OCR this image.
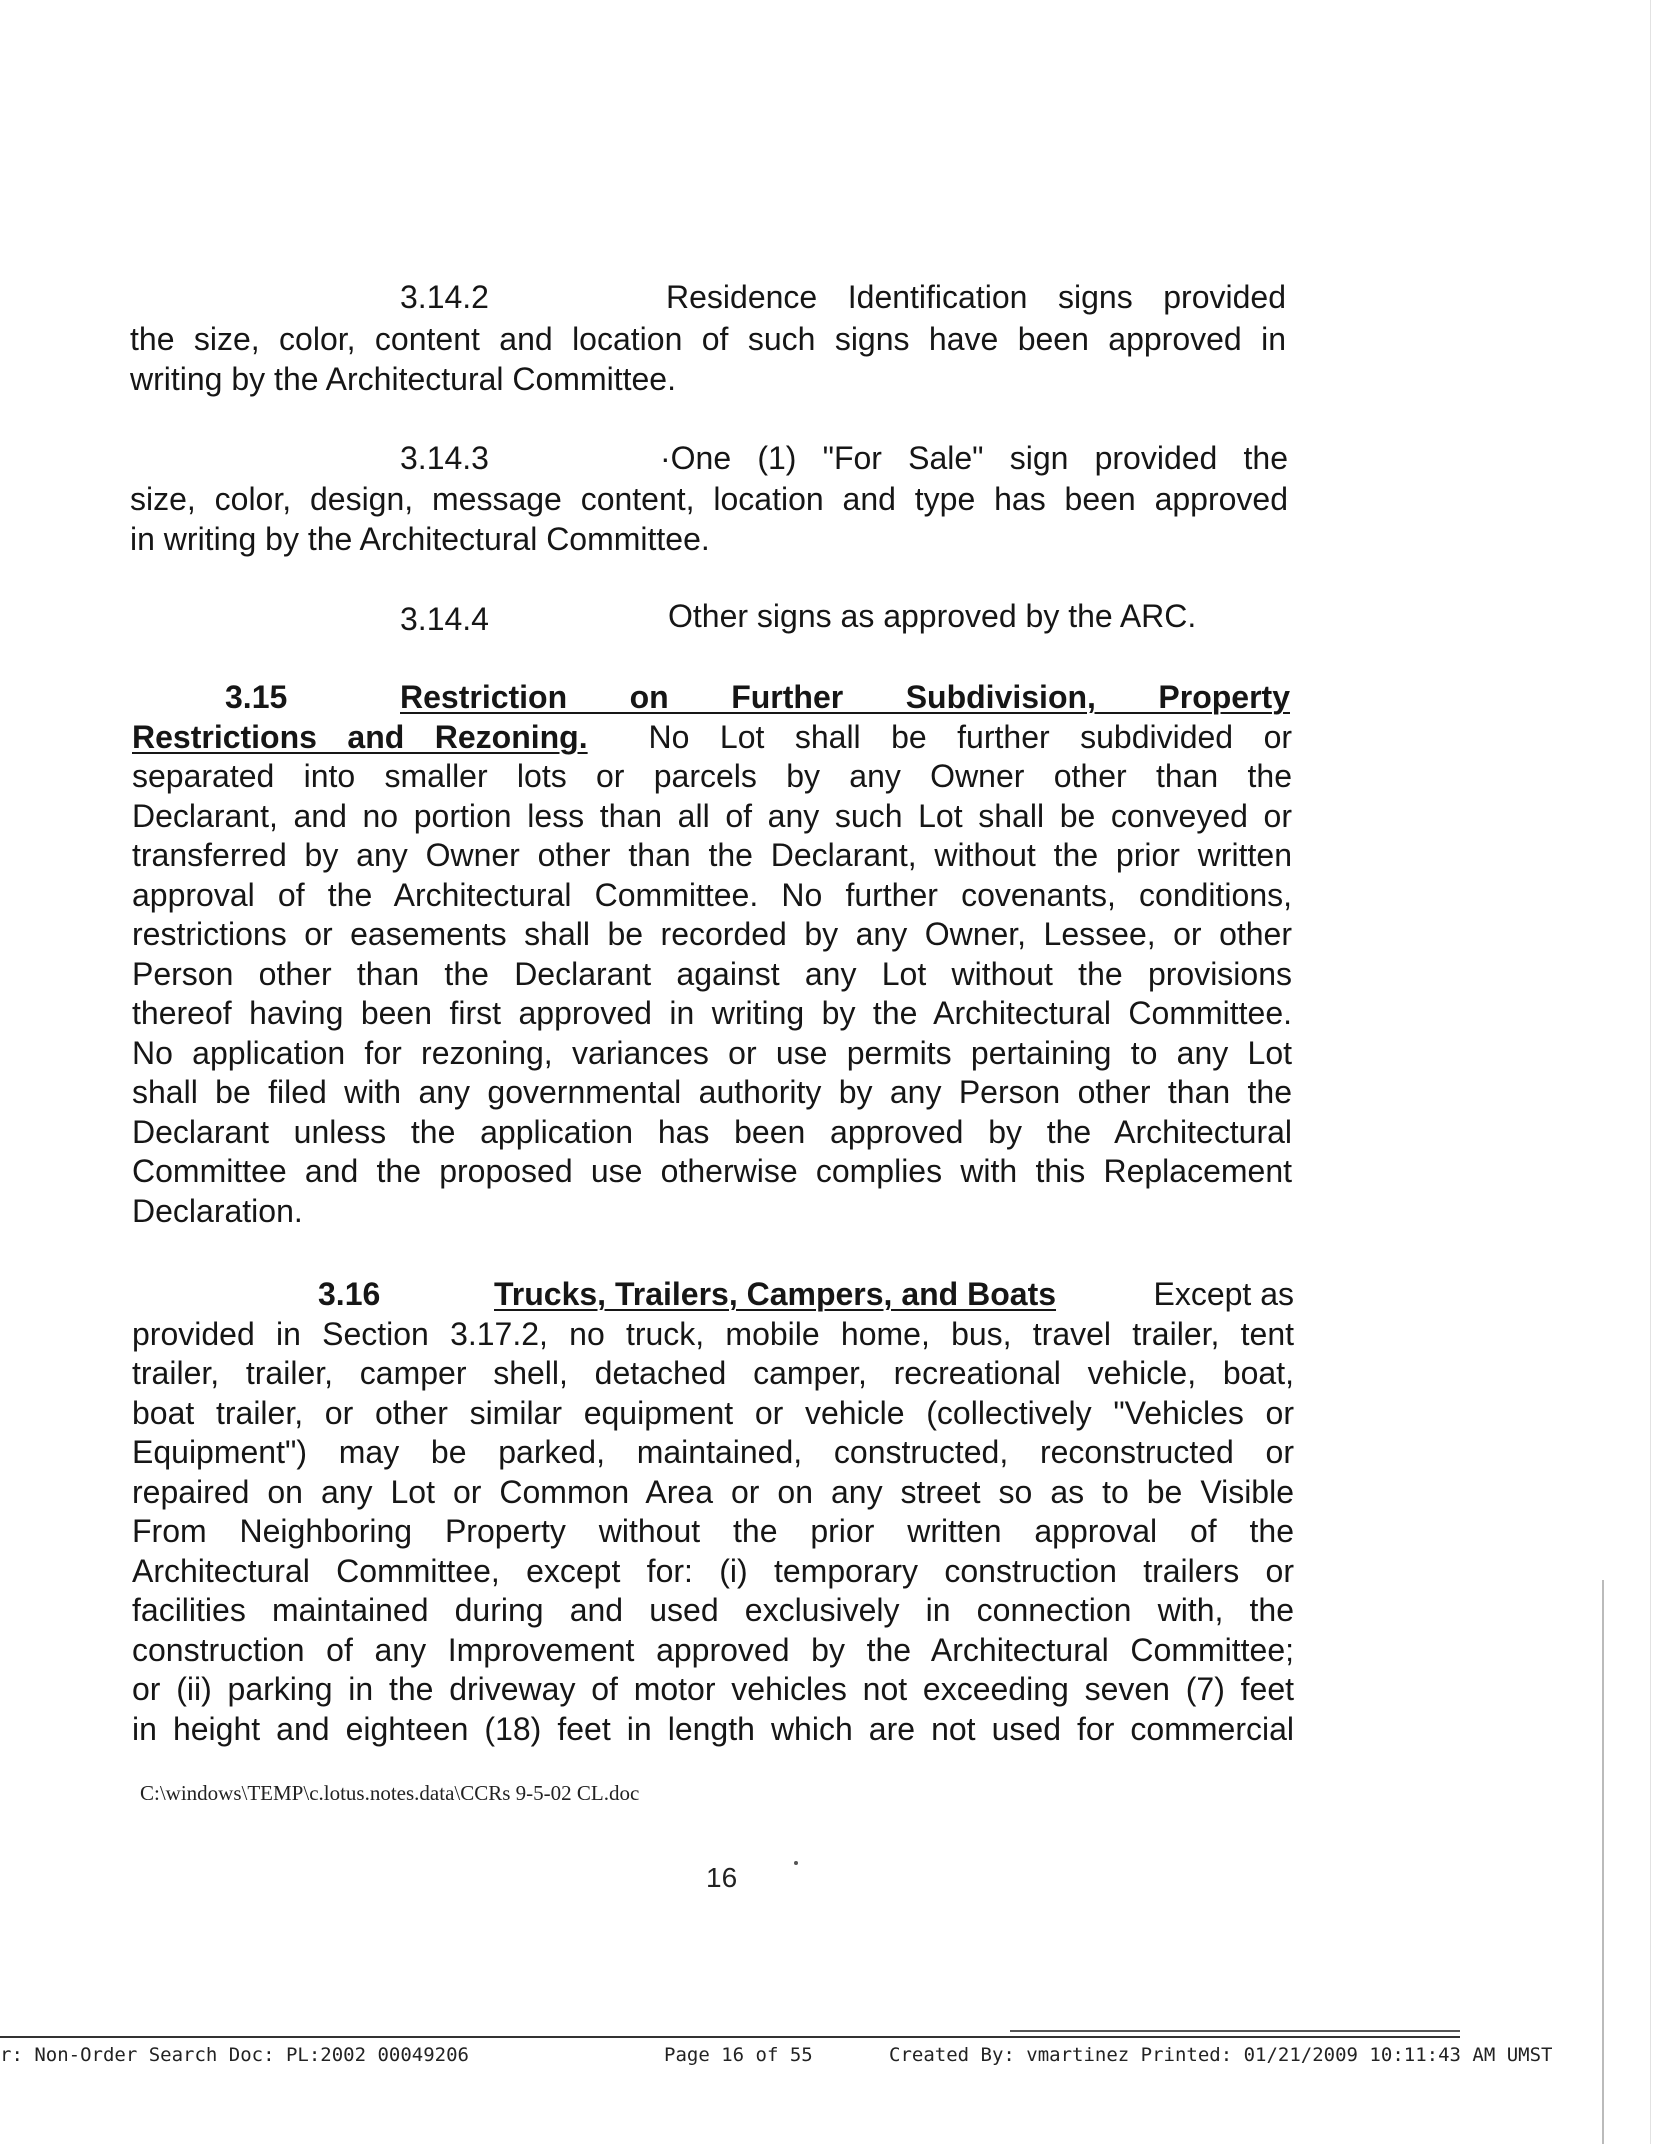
3.14.2	Residence Identification signs provided
the size, color, content and location of such signs have been approved in
writing by the Architectural Committee.
3.14.3	·One (1) "For Sale" sign provided the
size, color, design, message content, location and type has been approved
in writing by the Architectural Committee.
3.14.4	Other signs as approved by the ARC.
3.15	Restriction on Further Subdivision, Property
Restrictions and Rezoning. No Lot shall be further subdivided or
separated into smaller lots or parcels by any Owner other than the
Declarant, and no portion less than all of any such Lot shall be conveyed or
transferred by any Owner other than the Declarant, without the prior written
approval of the Architectural Committee. No further covenants, conditions,
restrictions or easements shall be recorded by any Owner, Lessee, or other
Person other than the Declarant against any Lot without the provisions
thereof having been first approved in writing by the Architectural Committee.
No application for rezoning, variances or use permits pertaining to any Lot
shall be filed with any governmental authority by any Person other than the
Declarant unless the application has been approved by the Architectural
Committee and the proposed use otherwise complies with this Replacement
Declaration.
3.16	Trucks, Trailers, Campers, and Boats	Except as
provided in Section 3.17.2, no truck, mobile home, bus, travel trailer, tent
trailer, trailer, camper shell, detached camper, recreational vehicle, boat,
boat trailer, or other similar equipment or vehicle (collectively "Vehicles or
Equipment") may be parked, maintained, constructed, reconstructed or
repaired on any Lot or Common Area or on any street so as to be Visible
From Neighboring Property without the prior written approval of the
Architectural Committee, except for: (i) temporary construction trailers or
facilities maintained during and used exclusively in connection with, the
construction of any Improvement approved by the Architectural Committee;
or (ii) parking in the driveway of motor vehicles not exceeding seven (7) feet
in height and eighteen (18) feet in length which are not used for commercial
C:\windows\TEMP\c.lotus.notes.data\CCRs 9-5-02 CL.doc
16
r: Non-Order Search Doc: PL:2002 00049206	Page 16 of 55	Created By: vmartinez Printed: 01/21/2009 10:11:43 AM UMST
